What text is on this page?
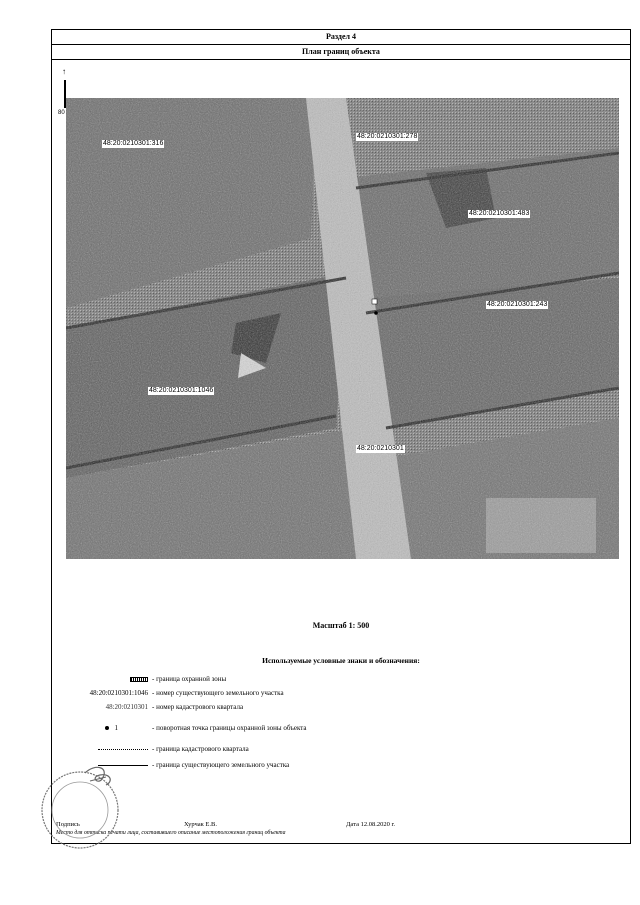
Раздел 4
План границ объекта
↑
80
48:20:0210301:316
48:20:0210301:278
48:20:0210301:483
48:20:0210301:243
48:20:0210301:1046
48:20:0210301
Масштаб 1: 500
Используемые условные знаки и обозначения:
- граница охранной зоны
48:20:0210301:1046 - номер существующего земельного участка
48:20:0210301 - номер кадастрового квартала
1	- поворотная точка границы охранной зоны объекта
- граница кадастрового квартала
- граница существующего земельного участка
Подпись	Хурчак Е.В.	Дата 12.08.2020 г.
Место для оттиска печати лица, составившего описание местоположения границ объекта
